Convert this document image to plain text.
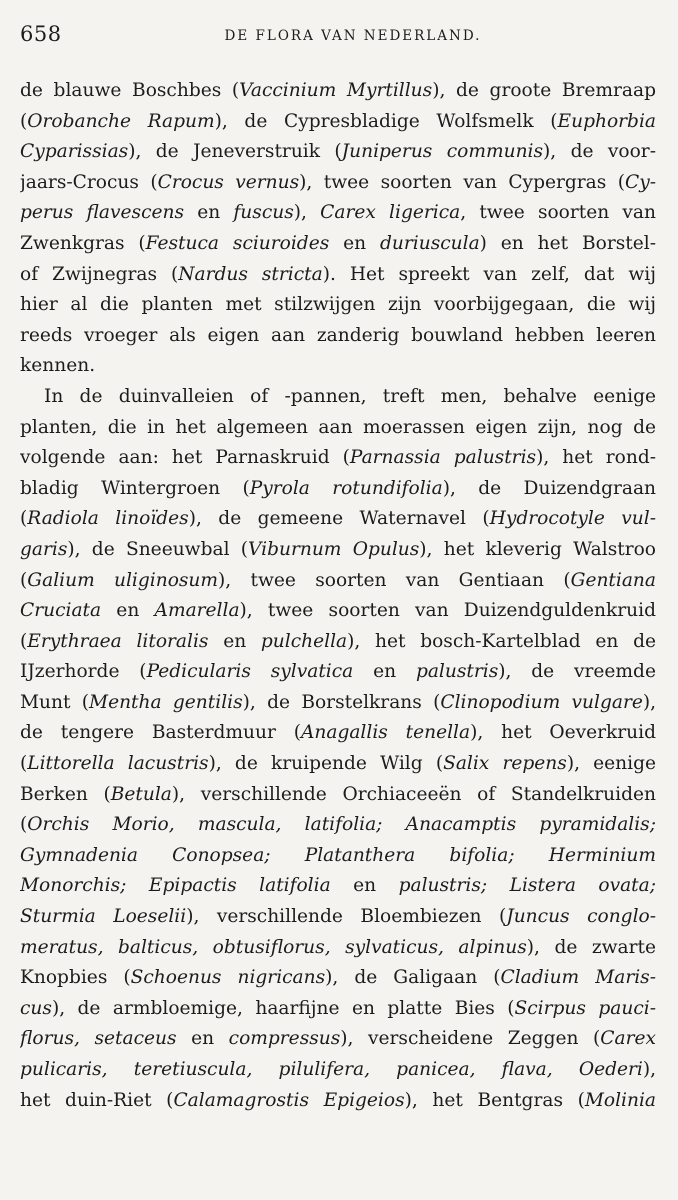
658	DE FLORA VAN NEDERLAND.
de blauwe Boschbes (Vaccinium Myrtillus), de groote Bremraap
(Orobanche Rapum), de Cypresbladige Wolfsmelk (Euphorbia
Cyparissias), de Jeneverstruik (Juniperus communis), de voor-
jaars-Crocus (Crocus vernus), twee soorten van Cypergras (Cy-
perus flavescens en fuscus), Carex ligerica, twee soorten van
Zwenkgras (Festuca sciuroides en duriuscula) en het Borstel-
of Zwijnegras (Nardus stricta). Het spreekt van zelf, dat wij
hier al die planten met stilzwijgen zijn voorbijgegaan, die wij
reeds vroeger als eigen aan zanderig bouwland hebben leeren
kennen.
In de duinvalleien of -pannen, treft men, behalve eenige
planten, die in het algemeen aan moerassen eigen zijn, nog de
volgende aan: het Parnaskruid (Parnassia palustris), het rond-
bladig Wintergroen (Pyrola rotundifolia), de Duizendgraan
(Radiola linoïdes), de gemeene Waternavel (Hydrocotyle vul-
garis), de Sneeuwbal (Viburnum Opulus), het kleverig Walstroo
(Galium uliginosum), twee soorten van Gentiaan (Gentiana
Cruciata en Amarella), twee soorten van Duizendguldenkruid
(Erythraea litoralis en pulchella), het bosch-Kartelblad en de
IJzerhorde (Pedicularis sylvatica en palustris), de vreemde
Munt (Mentha gentilis), de Borstelkrans (Clinopodium vulgare),
de tengere Basterdmuur (Anagallis tenella), het Oeverkruid
(Littorella lacustris), de kruipende Wilg (Salix repens), eenige
Berken (Betula), verschillende Orchiaceeën of Standelkruiden
(Orchis Morio, mascula, latifolia; Anacamptis pyramidalis;
Gymnadenia Conopsea; Platanthera bifolia; Herminium
Monorchis; Epipactis latifolia en palustris; Listera ovata;
Sturmia Loeselii), verschillende Bloembiezen (Juncus conglo-
meratus, balticus, obtusiflorus, sylvaticus, alpinus), de zwarte
Knopbies (Schoenus nigricans), de Galigaan (Cladium Maris-
cus), de armbloemige, haarfijne en platte Bies (Scirpus pauci-
florus, setaceus en compressus), verscheidene Zeggen (Carex
pulicaris, teretiuscula, pilulifera, panicea, flava, Oederi),
het duin-Riet (Calamagrostis Epigeios), het Bentgras (Molinia
